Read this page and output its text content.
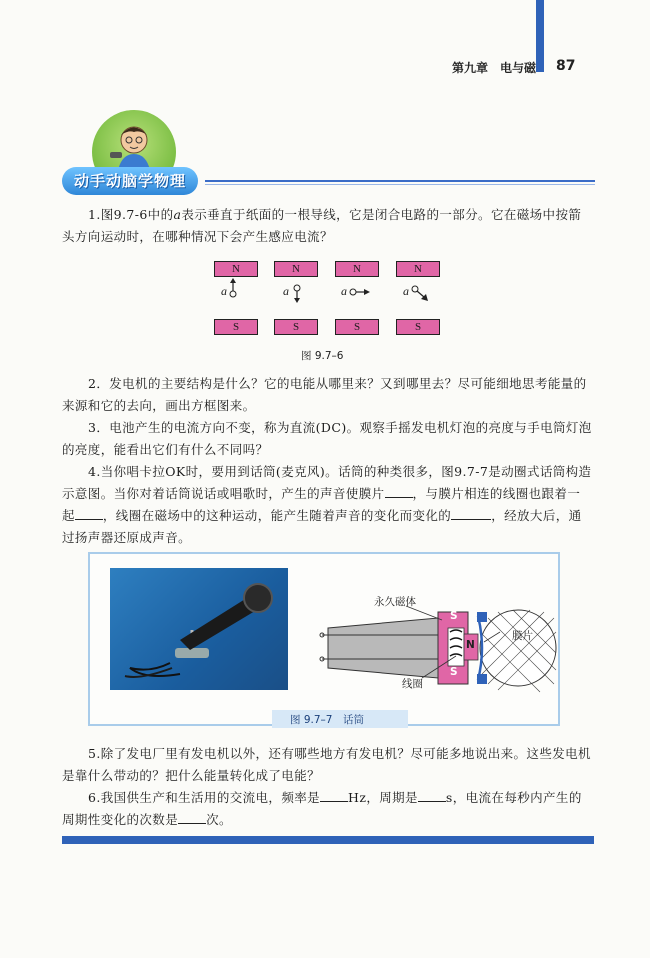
第九章　电与磁 87
动手动脑学物理
1.图9.7-6中的a表示垂直于纸面的一根导线，它是闭合电路的一部分。它在磁场中按箭头方向运动时，在哪种情况下会产生感应电流？
N	N	N	N
S	S	S	S
a	a	a	a
图 9.7–6
2．发电机的主要结构是什么？它的电能从哪里来？又到哪里去？尽可能细地思考能量的来源和它的去向，画出方框图来。
3．电池产生的电流方向不变，称为直流(DC)。观察手摇发电机灯泡的亮度与手电筒灯泡的亮度，能看出它们有什么不同吗？
4.当你唱卡拉OK时，要用到话筒(麦克风)。话筒的种类很多，图9.7-7是动圈式话筒构造示意图。当你对着话筒说话或唱歌时，产生的声音使膜片 ，与膜片相连的线圈也跟着一起 ，线圈在磁场中的这种运动，能产生随着声音的变化而变化的	，经放大后，通过扬声器还原成声音。
永久磁体
膜片
线圈
S
S
N
图 9.7–7　话筒
5.除了发电厂里有发电机以外，还有哪些地方有发电机？尽可能多地说出来。这些发电机是靠什么带动的？把什么能量转化成了电能？
6.我国供生产和生活用的交流电，频率是 Hz，周期是 s，电流在每秒内产生的周期性变化的次数是 次。
